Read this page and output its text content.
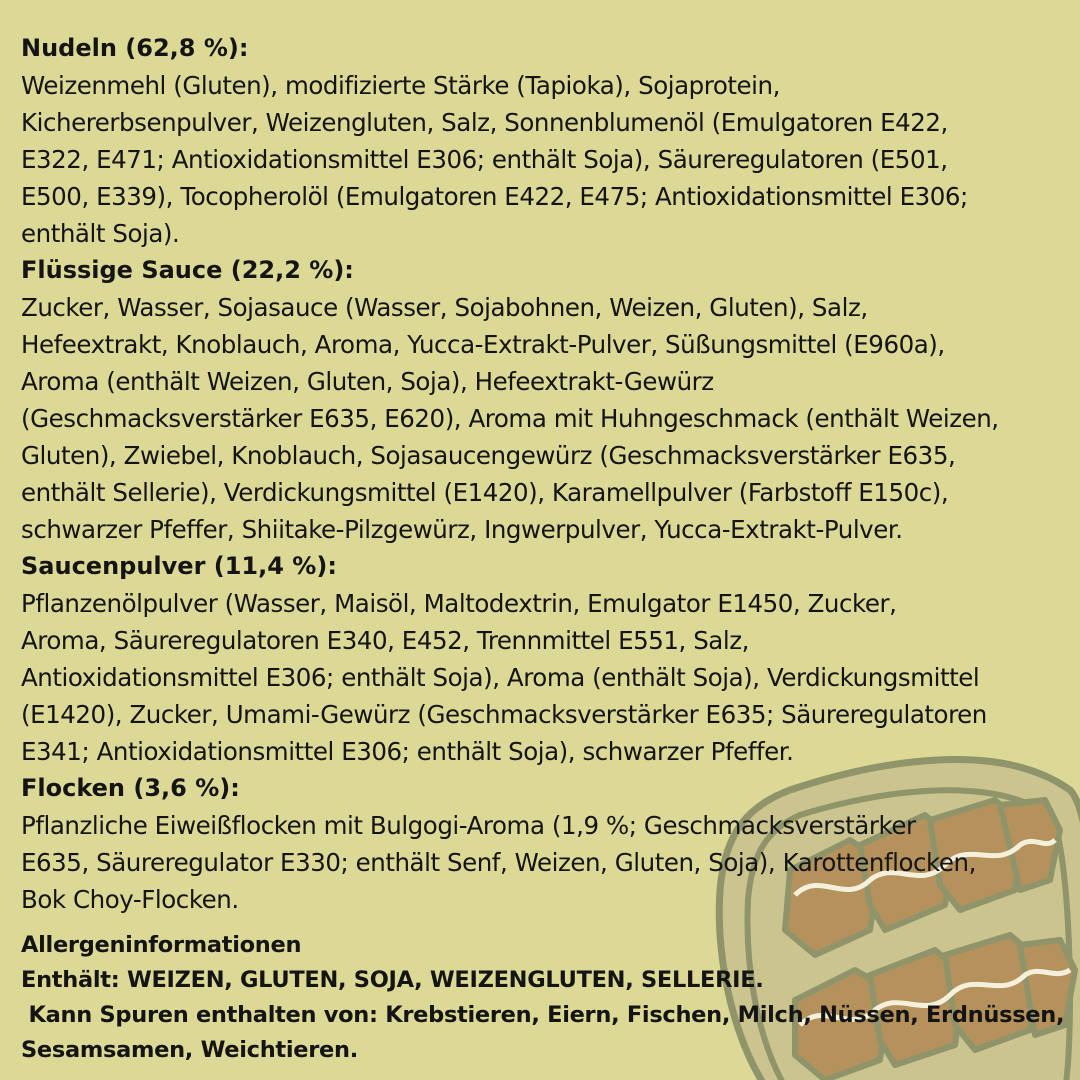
Nudeln (62,8 %):

Weizenmehl (Gluten), modifizierte Stärke (Tapioka), Sojaprotein,
Kichererbsenpulver, Weizengluten, Salz, Sonnenblumenöl (Emulgatoren E422,
E322, E471; Antioxidationsmittel E306; enthält Soja), Säureregulatoren (E501,
E500, E339), Tocopherolöl (Emulgatoren E422, E475; Antioxidationsmittel E306;
enthält Soja).

Flüssige Sauce (22,2 %):

Zucker, Wasser, Sojasauce (Wasser, Sojabohnen, Weizen, Gluten), Salz,
Hefeextrakt, Knoblauch, Aroma, Yucca-Extrakt-Pulver, Süßungsmittel (E960a),
Aroma (enthält Weizen, Gluten, Soja), Hefeextrakt-Gewürz
(Geschmacksverstärker E635, E620), Aroma mit Huhngeschmack (enthält Weizen,
Gluten), Zwiebel, Knoblauch, Sojasaucengewürz (Geschmacksverstärker E635,
enthält Sellerie), Verdickungsmittel (E1420), Karamellpulver (Farbstoff E150c),
schwarzer Pfeffer, Shiitake-Pilzgewürz, Ingwerpulver, Yucca-Extrakt-Pulver.

Saucenpulver (11,4 %):

Pflanzenölpulver (Wasser, Maisöl, Maltodextrin, Emulgator E1450, Zucker,
Aroma, Säureregulatoren E340, E452, Trennmittel E551, Salz,
Antioxidationsmittel E306; enthält Soja), Aroma (enthält Soja), Verdickungsmittel
(E1420), Zucker, Umami-Gewürz (Geschmacksverstärker E635; Säureregulatoren
E341; Antioxidationsmittel E306; enthält Soja), schwarzer Pfeffer.

Flocken (3,6 %):

Pflanzliche Eiweißflocken mit Bulgogi-Aroma (1,9 %; Geschmacksverstärker
E635, Säureregulator E330; enthält Senf, Weizen, Gluten, Soja), Karottenflocken,
Bok Choy-Flocken.

Allergeninformationen

Enthält: WEIZEN, GLUTEN, SOJA, WEIZENGLUTEN, SELLERIE.

Kann Spuren enthalten von: Krebstieren, Eiern, Fischen, Milch, Nüssen, Erdnüssen,

Sesamsamen, Weichtieren.
